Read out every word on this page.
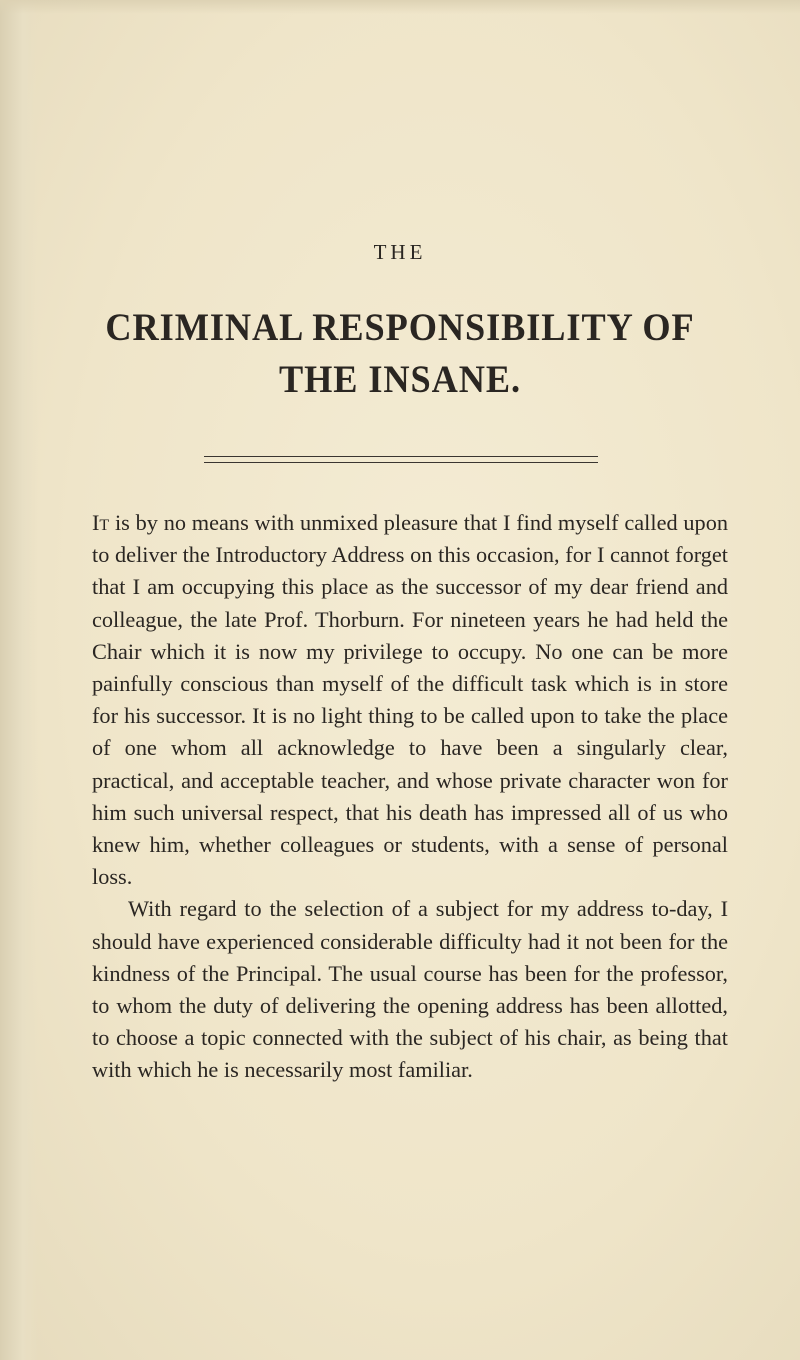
THE
CRIMINAL RESPONSIBILITY OF
THE INSANE.

It is by no means with unmixed pleasure that I find myself called upon to deliver the Introductory Address on this occasion, for I cannot forget that I am occupying this place as the successor of my dear friend and colleague, the late Prof. Thorburn. For nineteen years he had held the Chair which it is now my privilege to occupy. No one can be more painfully conscious than myself of the difficult task which is in store for his successor. It is no light thing to be called upon to take the place of one whom all acknowledge to have been a singularly clear, practical, and acceptable teacher, and whose private character won for him such universal respect, that his death has impressed all of us who knew him, whether colleagues or students, with a sense of personal loss.

With regard to the selection of a subject for my address to-day, I should have experienced considerable difficulty had it not been for the kindness of the Principal. The usual course has been for the professor, to whom the duty of delivering the opening address has been allotted, to choose a topic connected with the subject of his chair, as being that with which he is necessarily most familiar.
